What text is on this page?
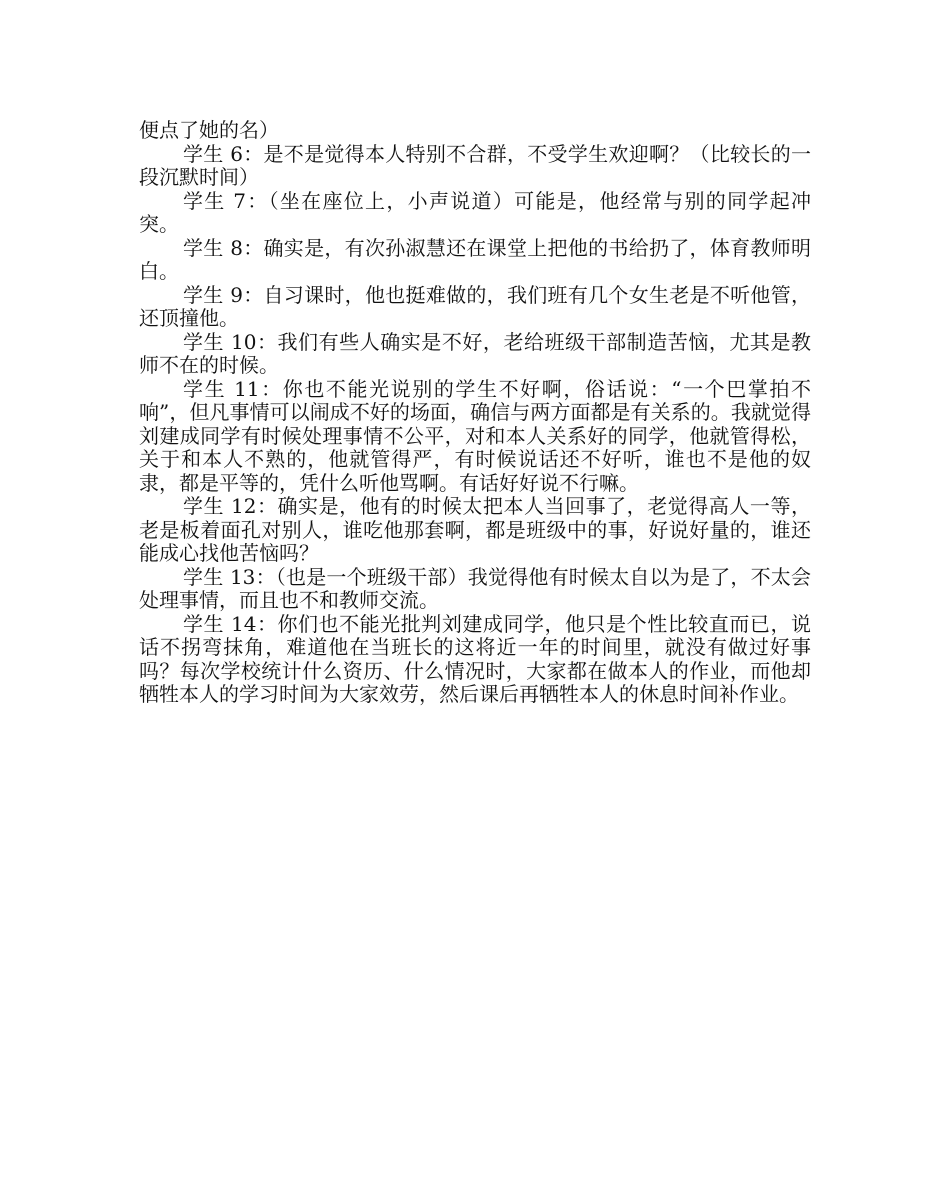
便点了她的名）

学生 6：是不是觉得本人特别不合群，不受学生欢迎啊？（比较长的一段沉默时间）

学生 7：（坐在座位上，小声说道）可能是，他经常与别的同学起冲突。

学生 8：确实是，有次孙淑慧还在课堂上把他的书给扔了，体育教师明白。

学生 9：自习课时，他也挺难做的，我们班有几个女生老是不听他管，还顶撞他。

学生 10：我们有些人确实是不好，老给班级干部制造苦恼，尤其是教师不在的时候。

学生 11：你也不能光说别的学生不好啊，俗话说：“一个巴掌拍不响”，但凡事情可以闹成不好的场面，确信与两方面都是有关系的。我就觉得刘建成同学有时候处理事情不公平，对和本人关系好的同学，他就管得松，关于和本人不熟的，他就管得严，有时候说话还不好听，谁也不是他的奴隶，都是平等的，凭什么听他骂啊。有话好好说不行嘛。

学生 12：确实是，他有的时候太把本人当回事了，老觉得高人一等，老是板着面孔对别人，谁吃他那套啊，都是班级中的事，好说好量的，谁还能成心找他苦恼吗？

学生 13：（也是一个班级干部）我觉得他有时候太自以为是了，不太会处理事情，而且也不和教师交流。

学生 14：你们也不能光批判刘建成同学，他只是个性比较直而已，说话不拐弯抹角，难道他在当班长的这将近一年的时间里，就没有做过好事吗？每次学校统计什么资历、什么情况时，大家都在做本人的作业，而他却牺牲本人的学习时间为大家效劳，然后课后再牺牲本人的休息时间补作业。
